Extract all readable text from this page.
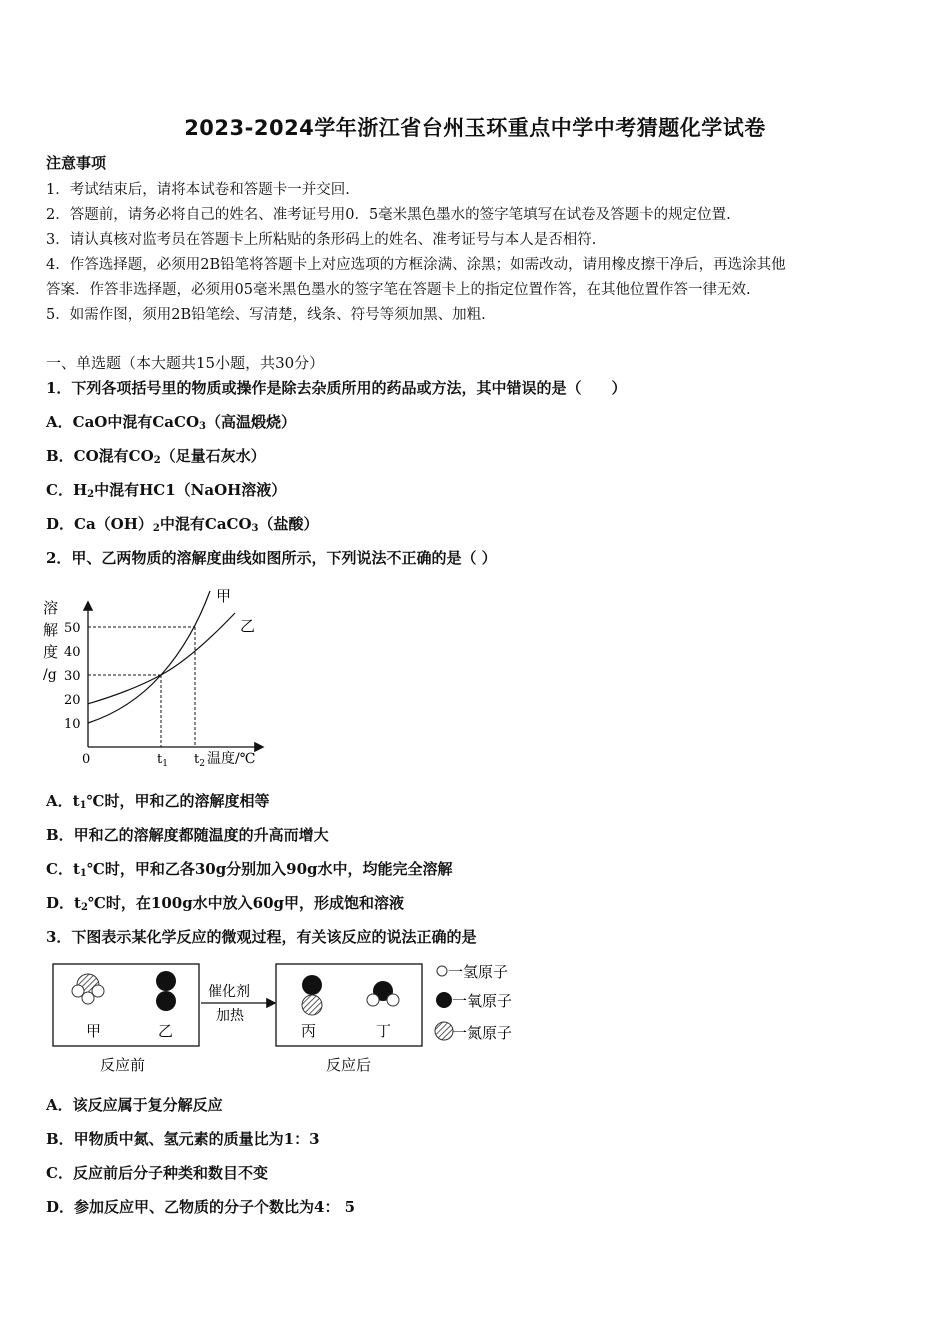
2023-2024学年浙江省台州玉环重点中学中考猜题化学试卷
注意事项
1．考试结束后，请将本试卷和答题卡一并交回.
2．答题前，请务必将自己的姓名、准考证号用0．5毫米黑色墨水的签字笔填写在试卷及答题卡的规定位置.
3．请认真核对监考员在答题卡上所粘贴的条形码上的姓名、准考证号与本人是否相符.
4．作答选择题，必须用2B铅笔将答题卡上对应选项的方框涂满、涂黑；如需改动，请用橡皮擦干净后，再选涂其他
答案．作答非选择题，必须用05毫米黑色墨水的签字笔在答题卡上的指定位置作答，在其他位置作答一律无效.
5．如需作图，须用2B铅笔绘、写清楚，线条、符号等须加黑、加粗.
一、单选题（本大题共15小题，共30分）
1．下列各项括号里的物质或操作是除去杂质所用的药品或方法，其中错误的是（　　）
A．CaO中混有CaCO$_3$（高温煅烧）
B．CO混有$CO_2$（足量石灰水）
C．$H_2$中混有HC1（NaOH溶液）
D．$Ca(OH)_2$中混有CaCO$_3$（盐酸）
2．甲、乙两物质的溶解度曲线如图所示，下列说法不正确的是（ ）
溶
解
度
/g
50
40
30
20
10
0	$t_1$ $t_2$ 温度/℃
甲
乙
A．$t_1℃$时，甲和乙的溶解度相等
B．甲和乙的溶解度都随温度的升高而增大
C．$t_1℃$时，甲和乙各30g分别加入90g水中，均能完全溶解
D．$t_2℃$时，在100g水中放入60g甲，形成饱和溶液
3．下图表示某化学反应的微观过程，有关该反应的说法正确的是
甲	乙
反应前
催化剂
加热
丙	丁
反应后
一氢原子
一氧原子
一氮原子
A．该反应属于复分解反应
B．甲物质中氮、氢元素的质量比为1：3
C．反应前后分子种类和数目不变
D．参加反应甲、乙物质的分子个数比为4： 5
